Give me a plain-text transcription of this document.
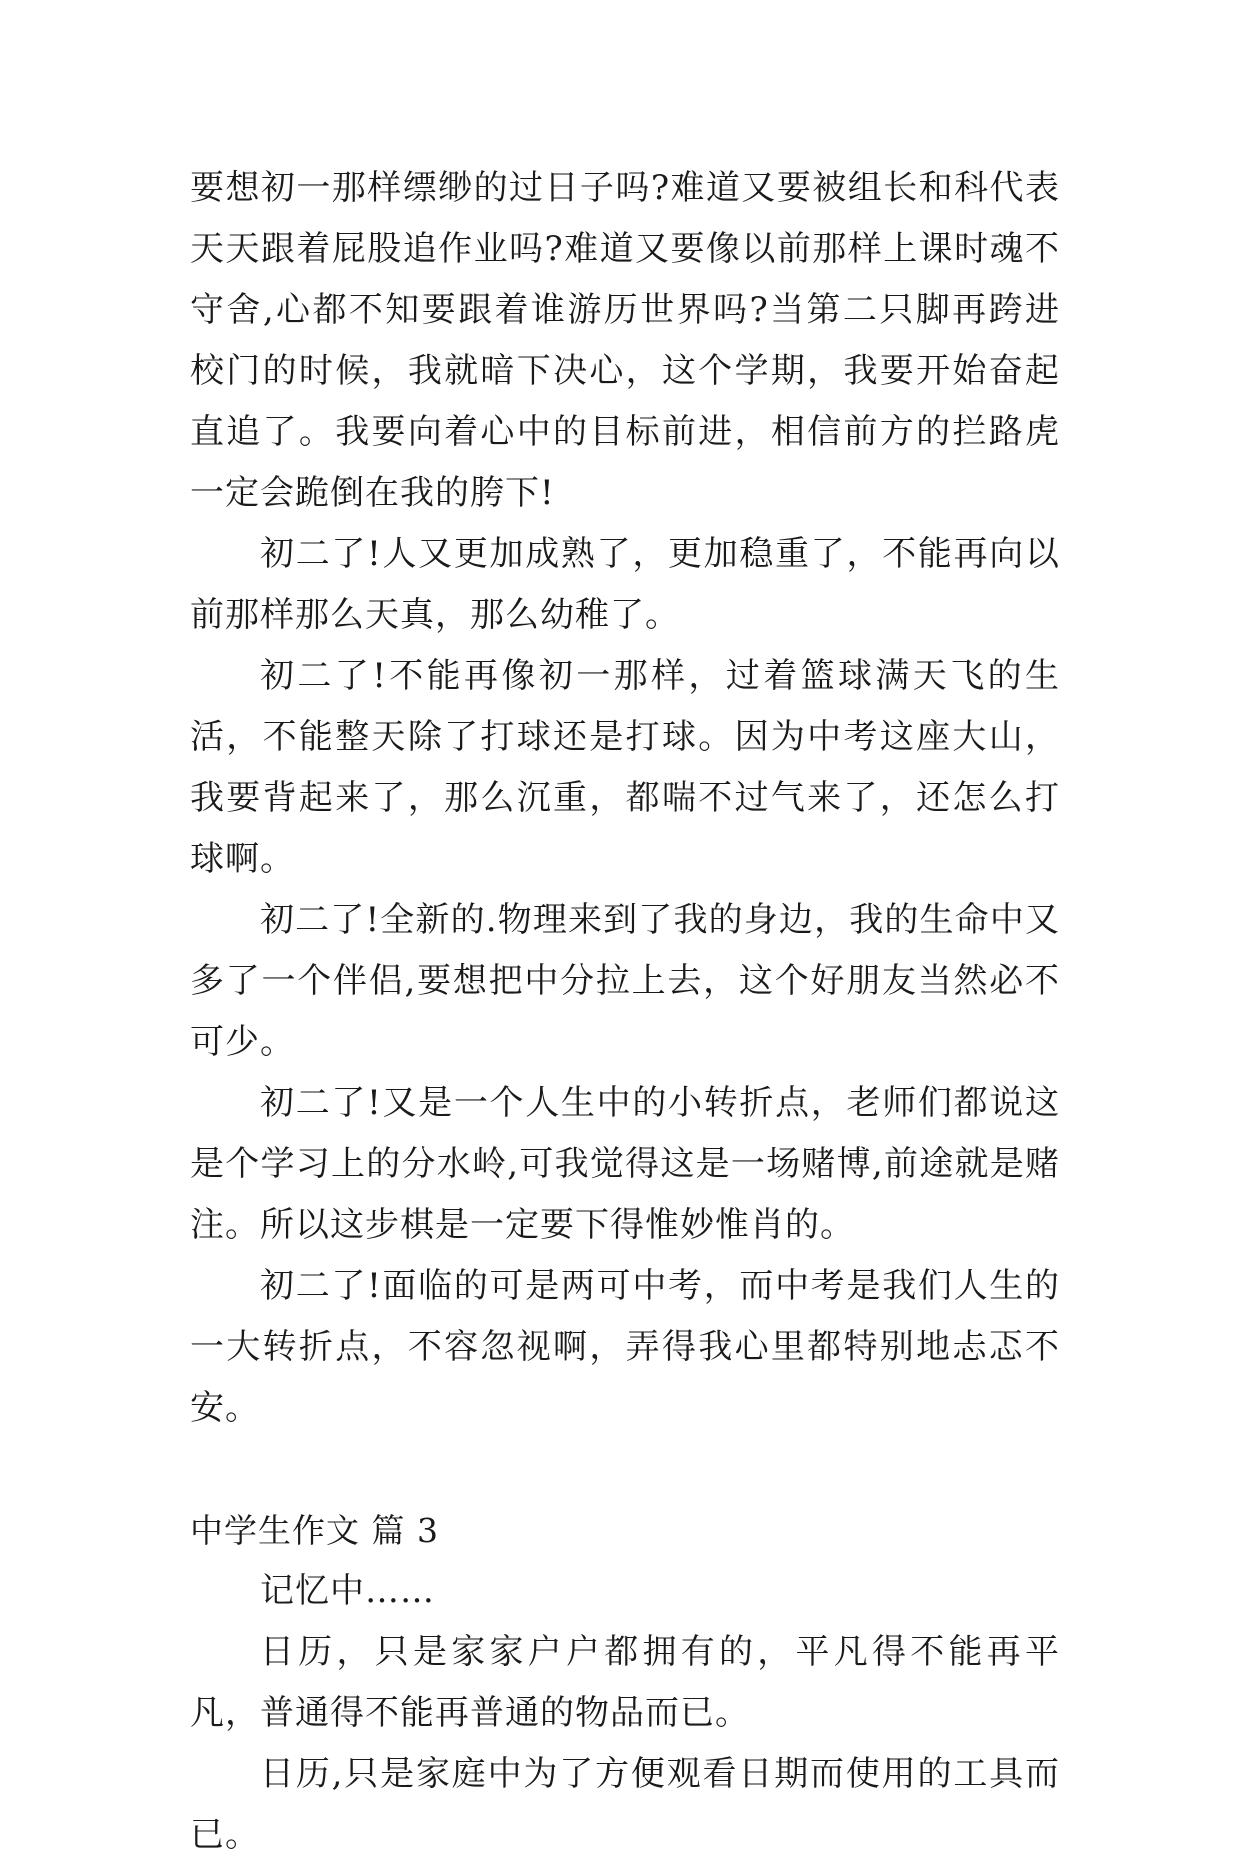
要想初一那样缥缈的过日子吗?难道又要被组长和科代表天天跟着屁股追作业吗?难道又要像以前那样上课时魂不守舍,心都不知要跟着谁游历世界吗?当第二只脚再跨进校门的时候，我就暗下决心，这个学期，我要开始奋起直追了。我要向着心中的目标前进，相信前方的拦路虎一定会跪倒在我的胯下!

初二了!人又更加成熟了，更加稳重了，不能再向以前那样那么天真，那么幼稚了。

初二了!不能再像初一那样，过着篮球满天飞的生活，不能整天除了打球还是打球。因为中考这座大山，我要背起来了，那么沉重，都喘不过气来了，还怎么打球啊。

初二了!全新的.物理来到了我的身边，我的生命中又多了一个伴侣,要想把中分拉上去，这个好朋友当然必不可少。

初二了!又是一个人生中的小转折点，老师们都说这是个学习上的分水岭,可我觉得这是一场赌博,前途就是赌注。所以这步棋是一定要下得惟妙惟肖的。

初二了!面临的可是两可中考，而中考是我们人生的一大转折点，不容忽视啊，弄得我心里都特别地忐忑不安。

中学生作文 篇 3

记忆中……

日历，只是家家户户都拥有的，平凡得不能再平凡，普通得不能再普通的物品而已。

日历,只是家庭中为了方便观看日期而使用的工具而已。
